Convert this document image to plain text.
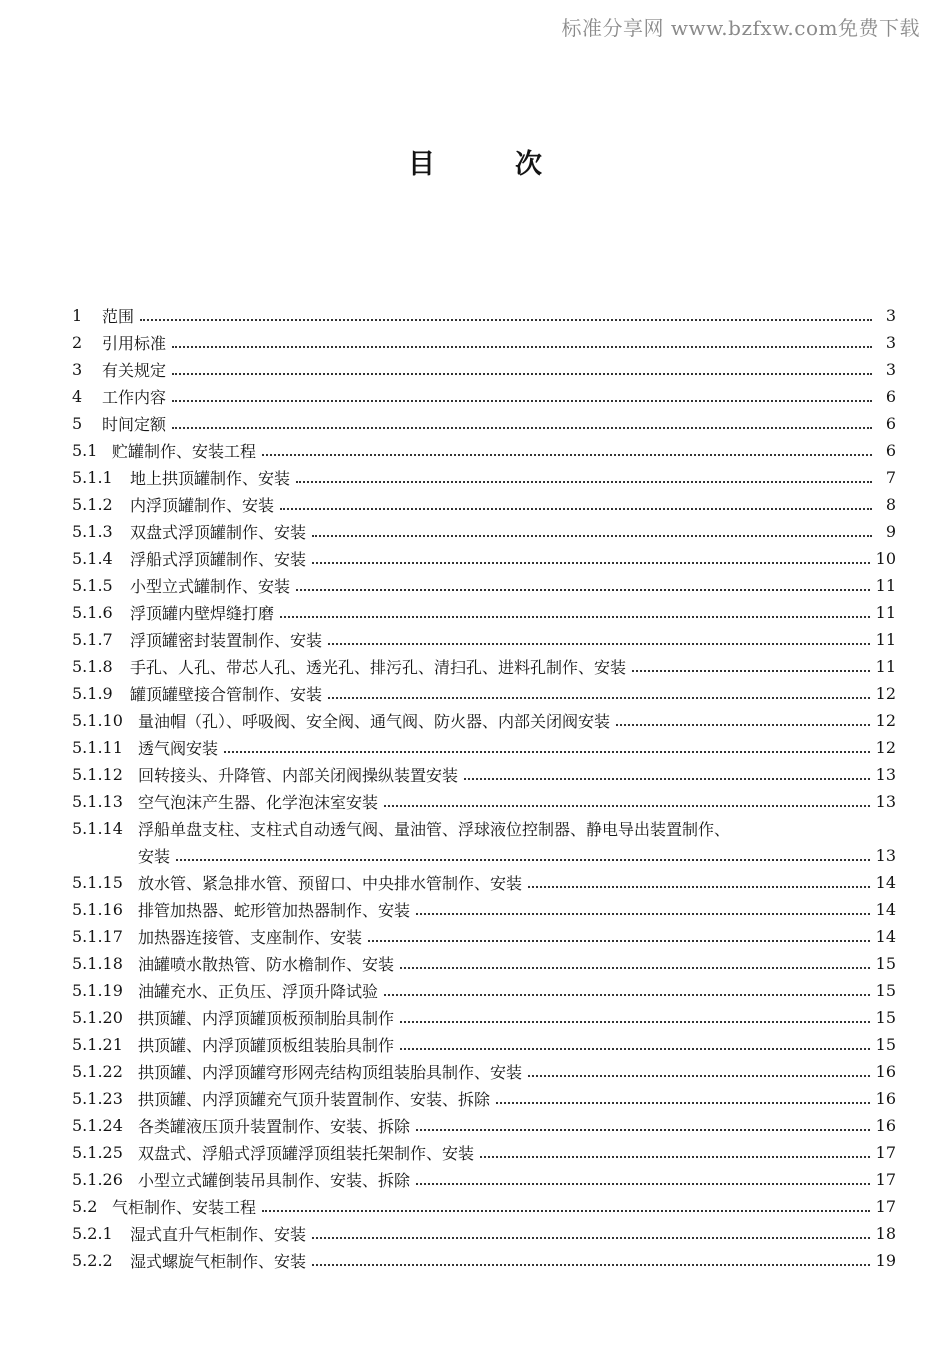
标准分享网 www.bzfxw.com免费下载
目	次
1	范围	3
2	引用标准	3
3	有关规定	3
4	工作内容	6
5	时间定额	6
5.1 贮罐制作、安装工程	6
5.1.1	地上拱顶罐制作、安装	7
5.1.2	内浮顶罐制作、安装	8
5.1.3	双盘式浮顶罐制作、安装	9
5.1.4	浮船式浮顶罐制作、安装	10
5.1.5	小型立式罐制作、安装	11
5.1.6	浮顶罐内壁焊缝打磨	11
5.1.7	浮顶罐密封装置制作、安装	11
5.1.8	手孔、人孔、带芯人孔、透光孔、排污孔、清扫孔、进料孔制作、安装	11
5.1.9	罐顶罐壁接合管制作、安装	12
5.1.10 量油帽（孔）、呼吸阀、安全阀、通气阀、防火器、内部关闭阀安装	12
5.1.11 透气阀安装	12
5.1.12 回转接头、升降管、内部关闭阀操纵装置安装	13
5.1.13 空气泡沫产生器、化学泡沫室安装	13
5.1.14 浮船单盘支柱、支柱式自动透气阀、量油管、浮球液位控制器、静电导出装置制作、
安装	13
5.1.15 放水管、紧急排水管、预留口、中央排水管制作、安装	14
5.1.16 排管加热器、蛇形管加热器制作、安装	14
5.1.17 加热器连接管、支座制作、安装	14
5.1.18 油罐喷水散热管、防水檐制作、安装	15
5.1.19 油罐充水、正负压、浮顶升降试验	15
5.1.20 拱顶罐、内浮顶罐顶板预制胎具制作	15
5.1.21 拱顶罐、内浮顶罐顶板组装胎具制作	15
5.1.22 拱顶罐、内浮顶罐穹形网壳结构顶组装胎具制作、安装	16
5.1.23 拱顶罐、内浮顶罐充气顶升装置制作、安装、拆除	16
5.1.24 各类罐液压顶升装置制作、安装、拆除	16
5.1.25 双盘式、浮船式浮顶罐浮顶组装托架制作、安装	17
5.1.26 小型立式罐倒装吊具制作、安装、拆除	17
5.2 气柜制作、安装工程	17
5.2.1	湿式直升气柜制作、安装	18
5.2.2	湿式螺旋气柜制作、安装	19
